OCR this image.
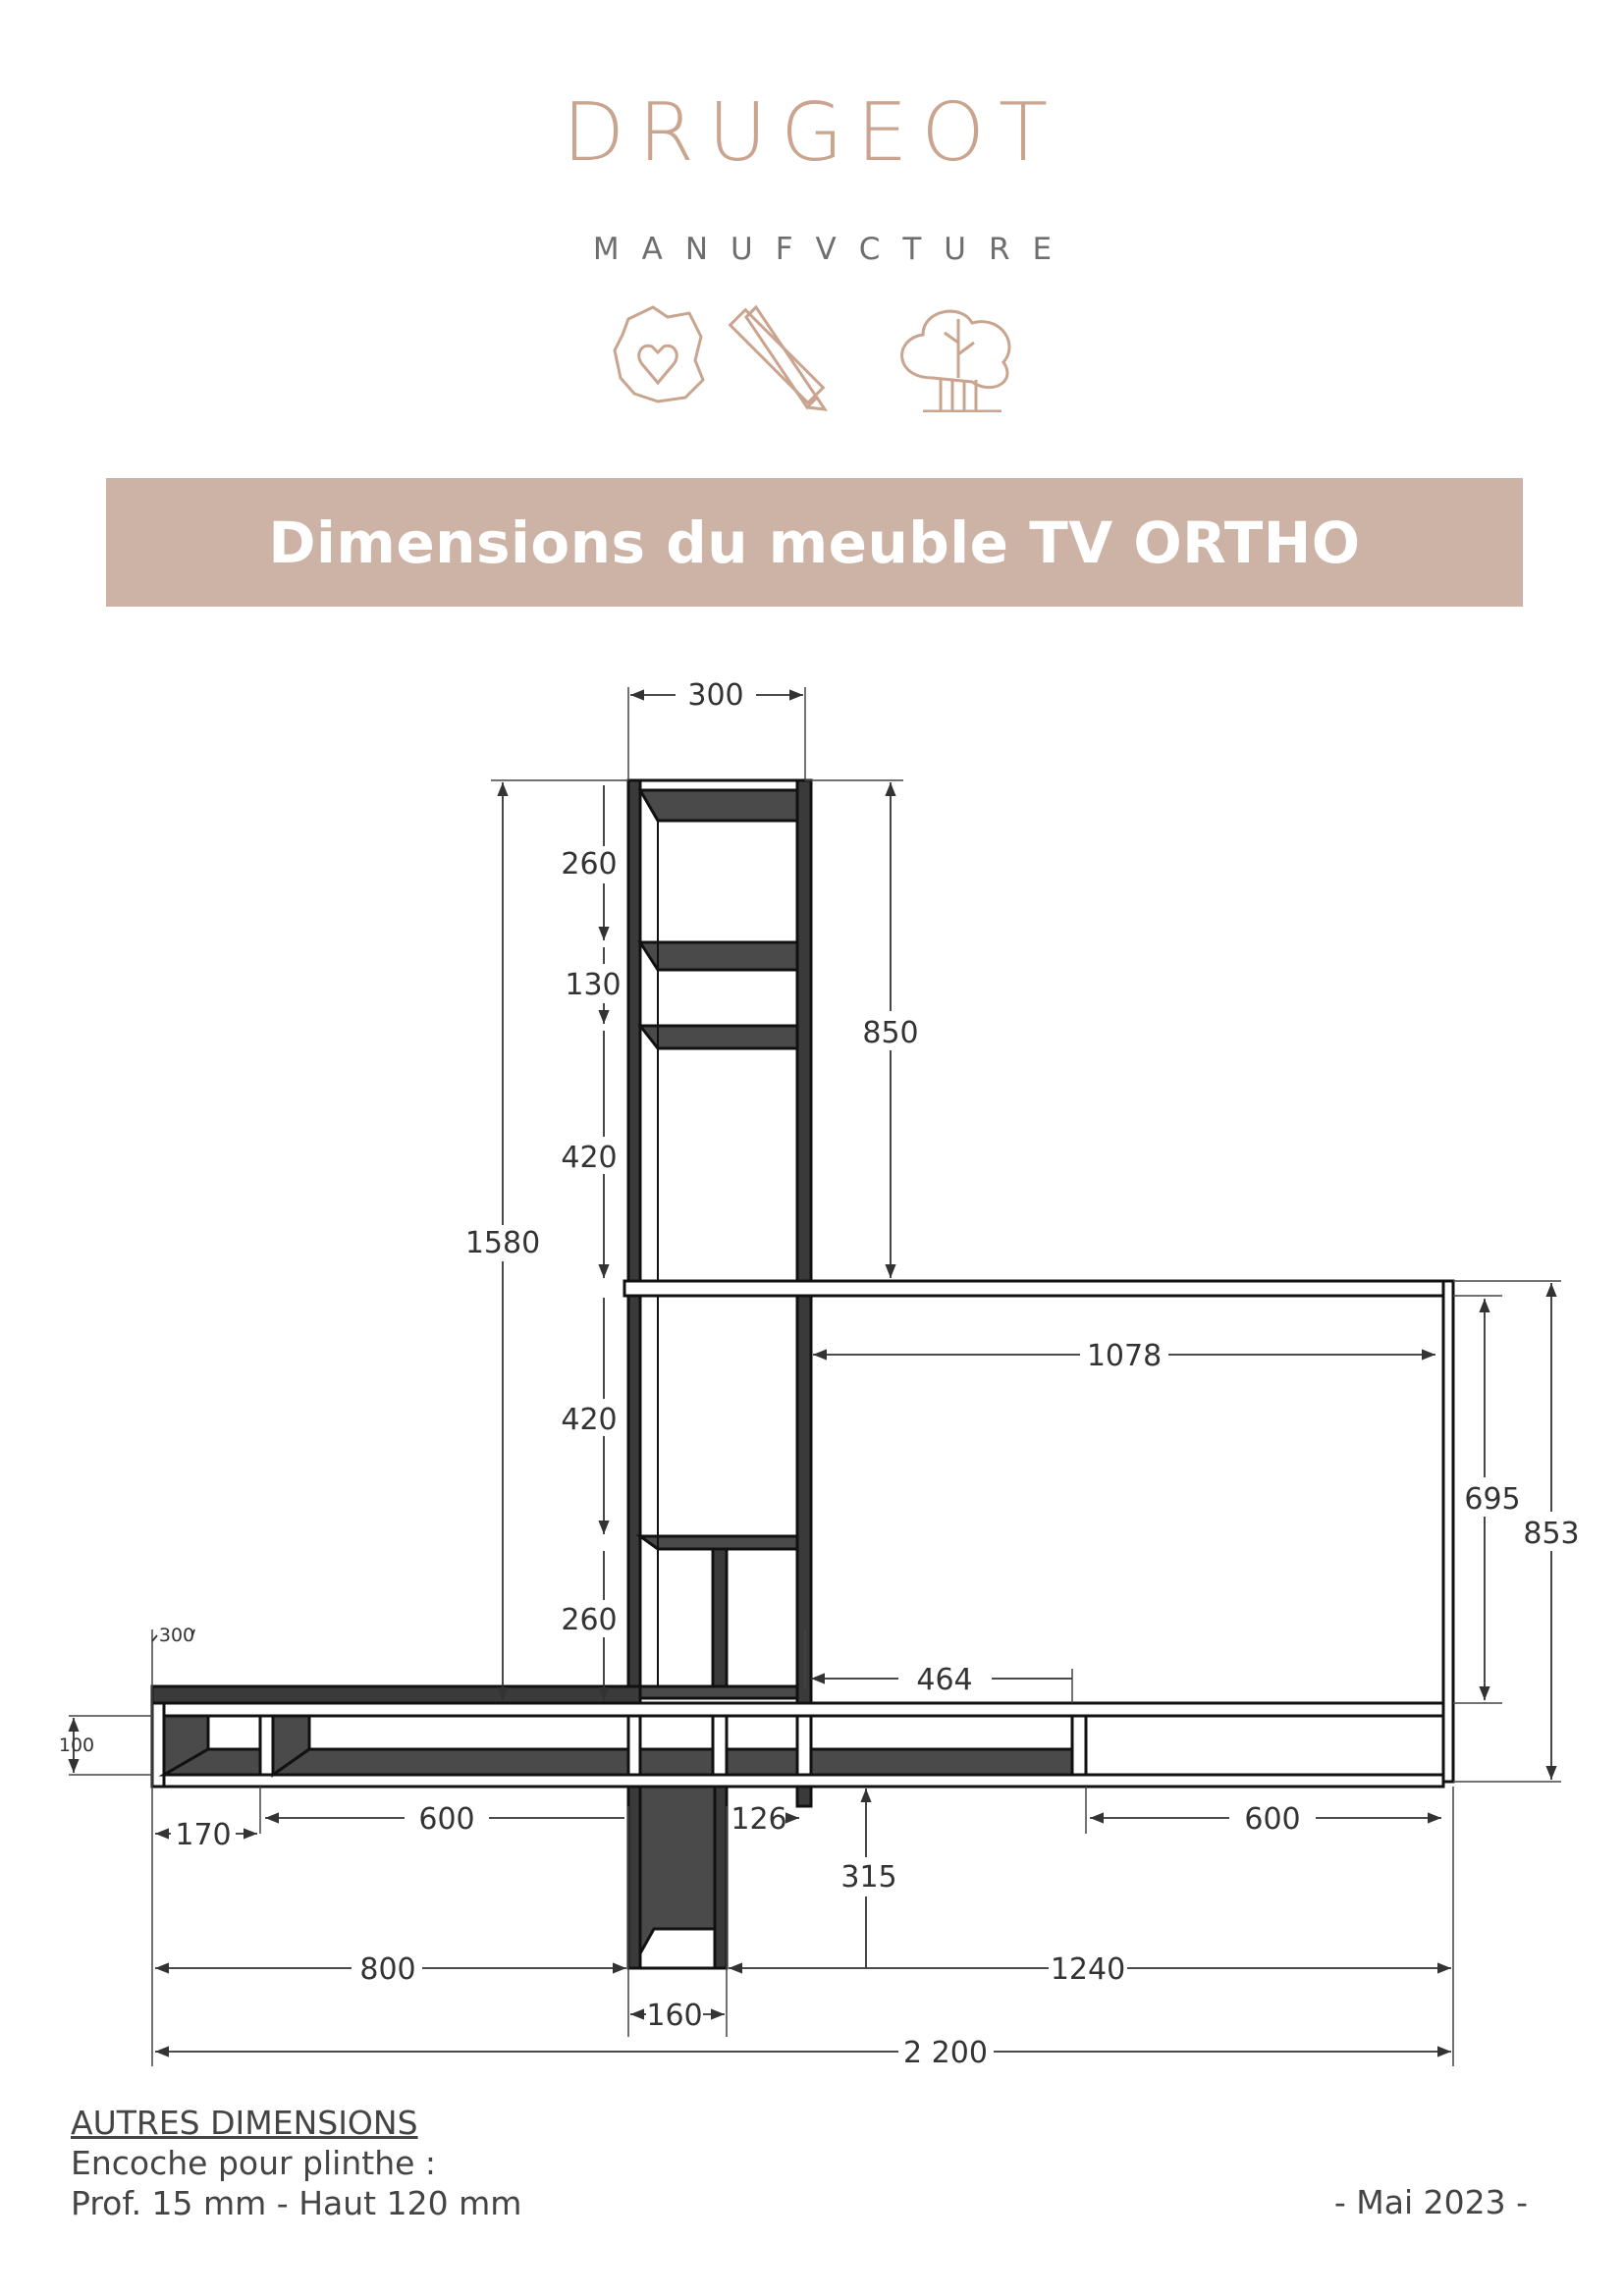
DRUGEOT
MANUFVCTURE
Dimensions du meuble TV ORTHO
300
260
130
420
1580
850
1078
420
260
695
853
300
100
464
170	600	126	600
315
800	1240
160
2 200
AUTRES DIMENSIONS
Encoche pour plinthe :
Prof. 15 mm - Haut 120 mm	- Mai 2023 -
